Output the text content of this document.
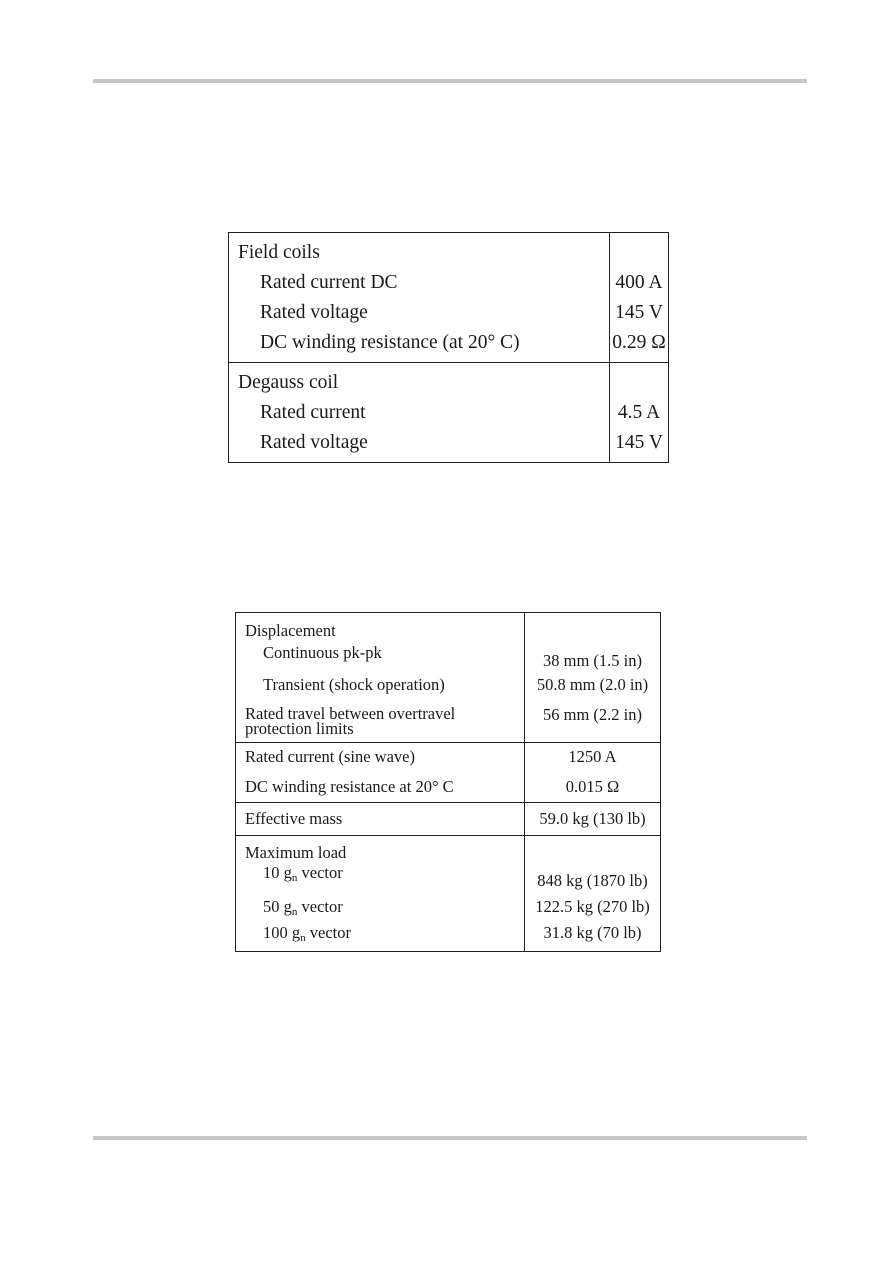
Field coils	
Rated current DC	400 A
Rated voltage	145 V
DC winding resistance (at 20° C)	0.29 Ω
Degauss coil	
Rated current	4.5 A
Rated voltage	145 V
Displacement	
Continuous pk-pk	38 mm (1.5 in)
Transient (shock operation)	50.8 mm (2.0 in)

Rated travel between overtravel
protection limits	56 mm (2.2 in)
Rated current (sine wave)	1250 A
DC winding resistance at 20° C	0.015 Ω
Effective mass	59.0 kg (130 lb)
Maximum load	
10 $g_n$ vector	848 kg (1870 lb)
50 $g_n$ vector	122.5 kg (270 lb)
100 $g_n$ vector	31.8 kg (70 lb)
